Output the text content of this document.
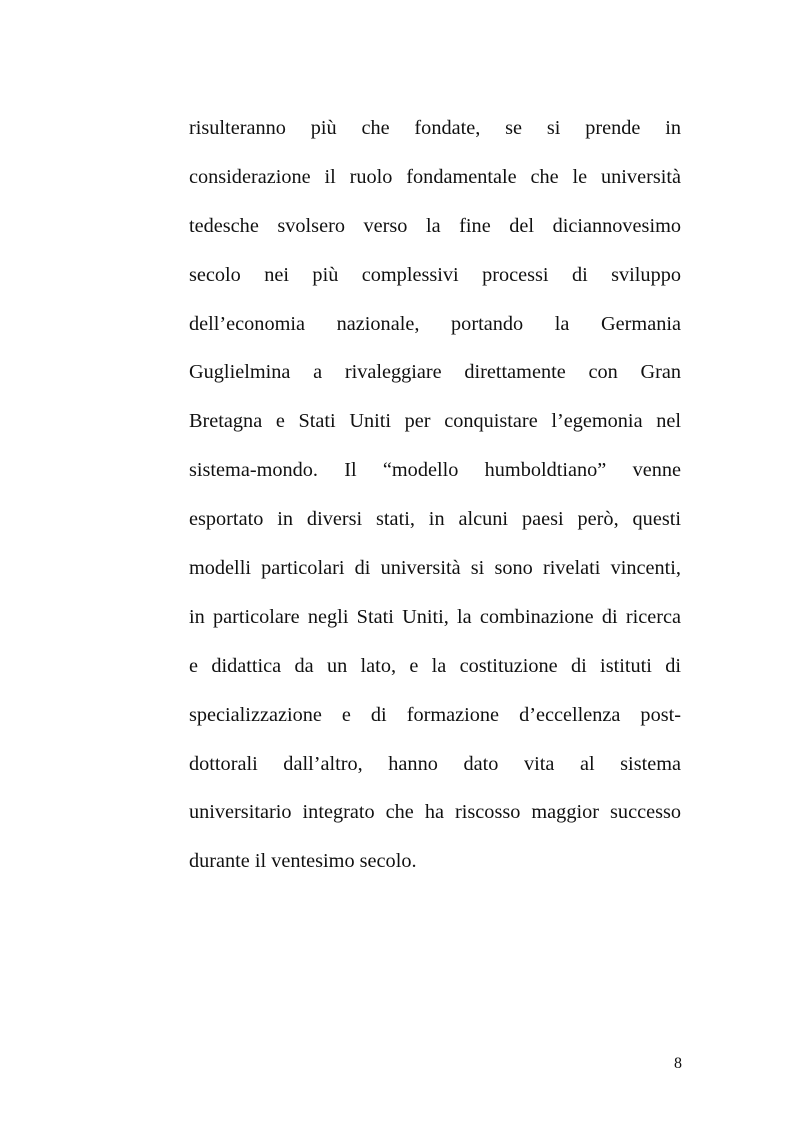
risulteranno più che fondate, se si prende in
considerazione il ruolo fondamentale che le università
tedesche svolsero verso la fine del diciannovesimo
secolo nei più complessivi processi di sviluppo
dell’economia nazionale, portando la Germania
Guglielmina a rivaleggiare direttamente con Gran
Bretagna e Stati Uniti per conquistare l’egemonia nel
sistema-mondo. Il “modello humboldtiano” venne
esportato in diversi stati, in alcuni paesi però, questi
modelli particolari di università si sono rivelati vincenti,
in particolare negli Stati Uniti, la combinazione di ricerca
e didattica da un lato, e la costituzione di istituti di
specializzazione e di formazione d’eccellenza post-
dottorali dall’altro, hanno dato vita al sistema
universitario integrato che ha riscosso maggior successo
durante il ventesimo secolo.
8
